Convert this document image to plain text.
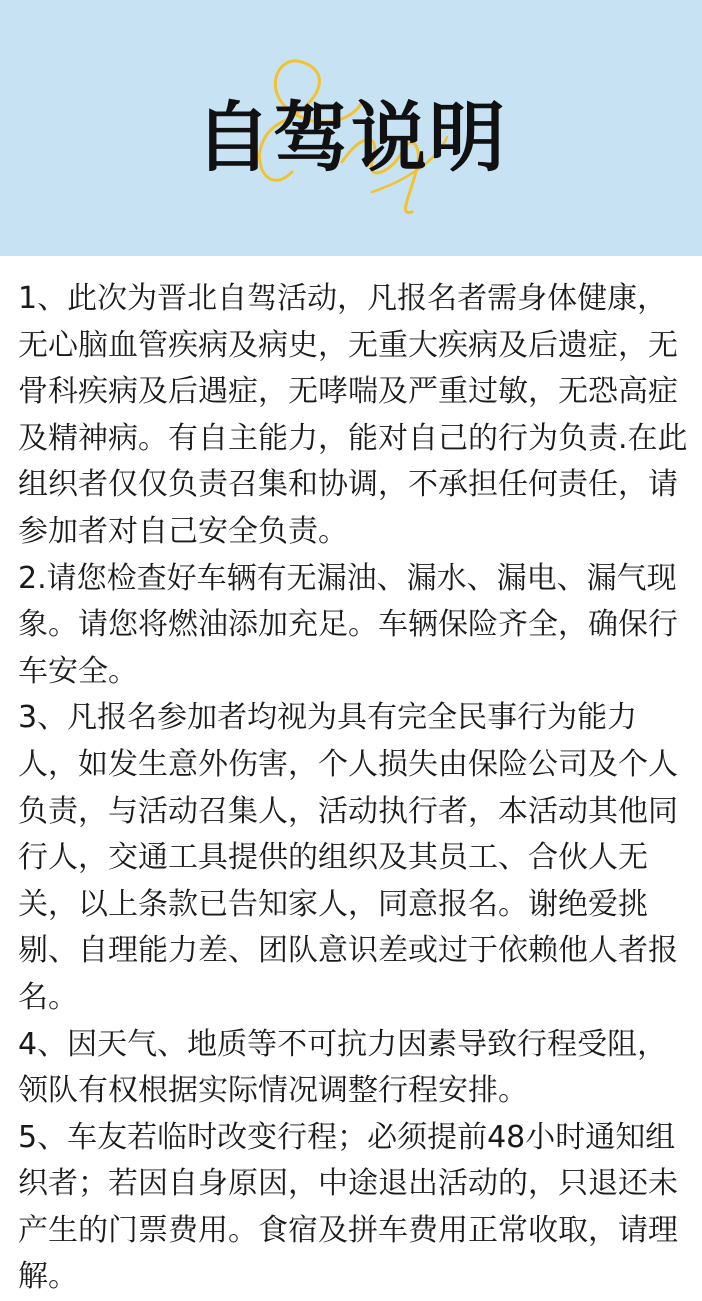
自驾说明

1、此次为晋北自驾活动，凡报名者需身体健康，无心脑血管疾病及病史，无重大疾病及后遗症，无骨科疾病及后遇症，无哮喘及严重过敏，无恐高症及精神病。有自主能力，能对自己的行为负责.在此组织者仅仅负责召集和协调，不承担任何责任，请参加者对自己安全负责。

2.请您检查好车辆有无漏油、漏水、漏电、漏气现象。请您将燃油添加充足。车辆保险齐全，确保行车安全。

3、凡报名参加者均视为具有完全民事行为能力人，如发生意外伤害，个人损失由保险公司及个人负责，与活动召集人，活动执行者，本活动其他同行人，交通工具提供的组织及其员工、合伙人无关，以上条款已告知家人，同意报名。谢绝爱挑剔、自理能力差、团队意识差或过于依赖他人者报名。

4、因天气、地质等不可抗力因素导致行程受阻，领队有权根据实际情况调整行程安排。

5、车友若临时改变行程；必须提前48小时通知组织者；若因自身原因，中途退出活动的，只退还未产生的门票费用。食宿及拼车费用正常收取，请理解。
